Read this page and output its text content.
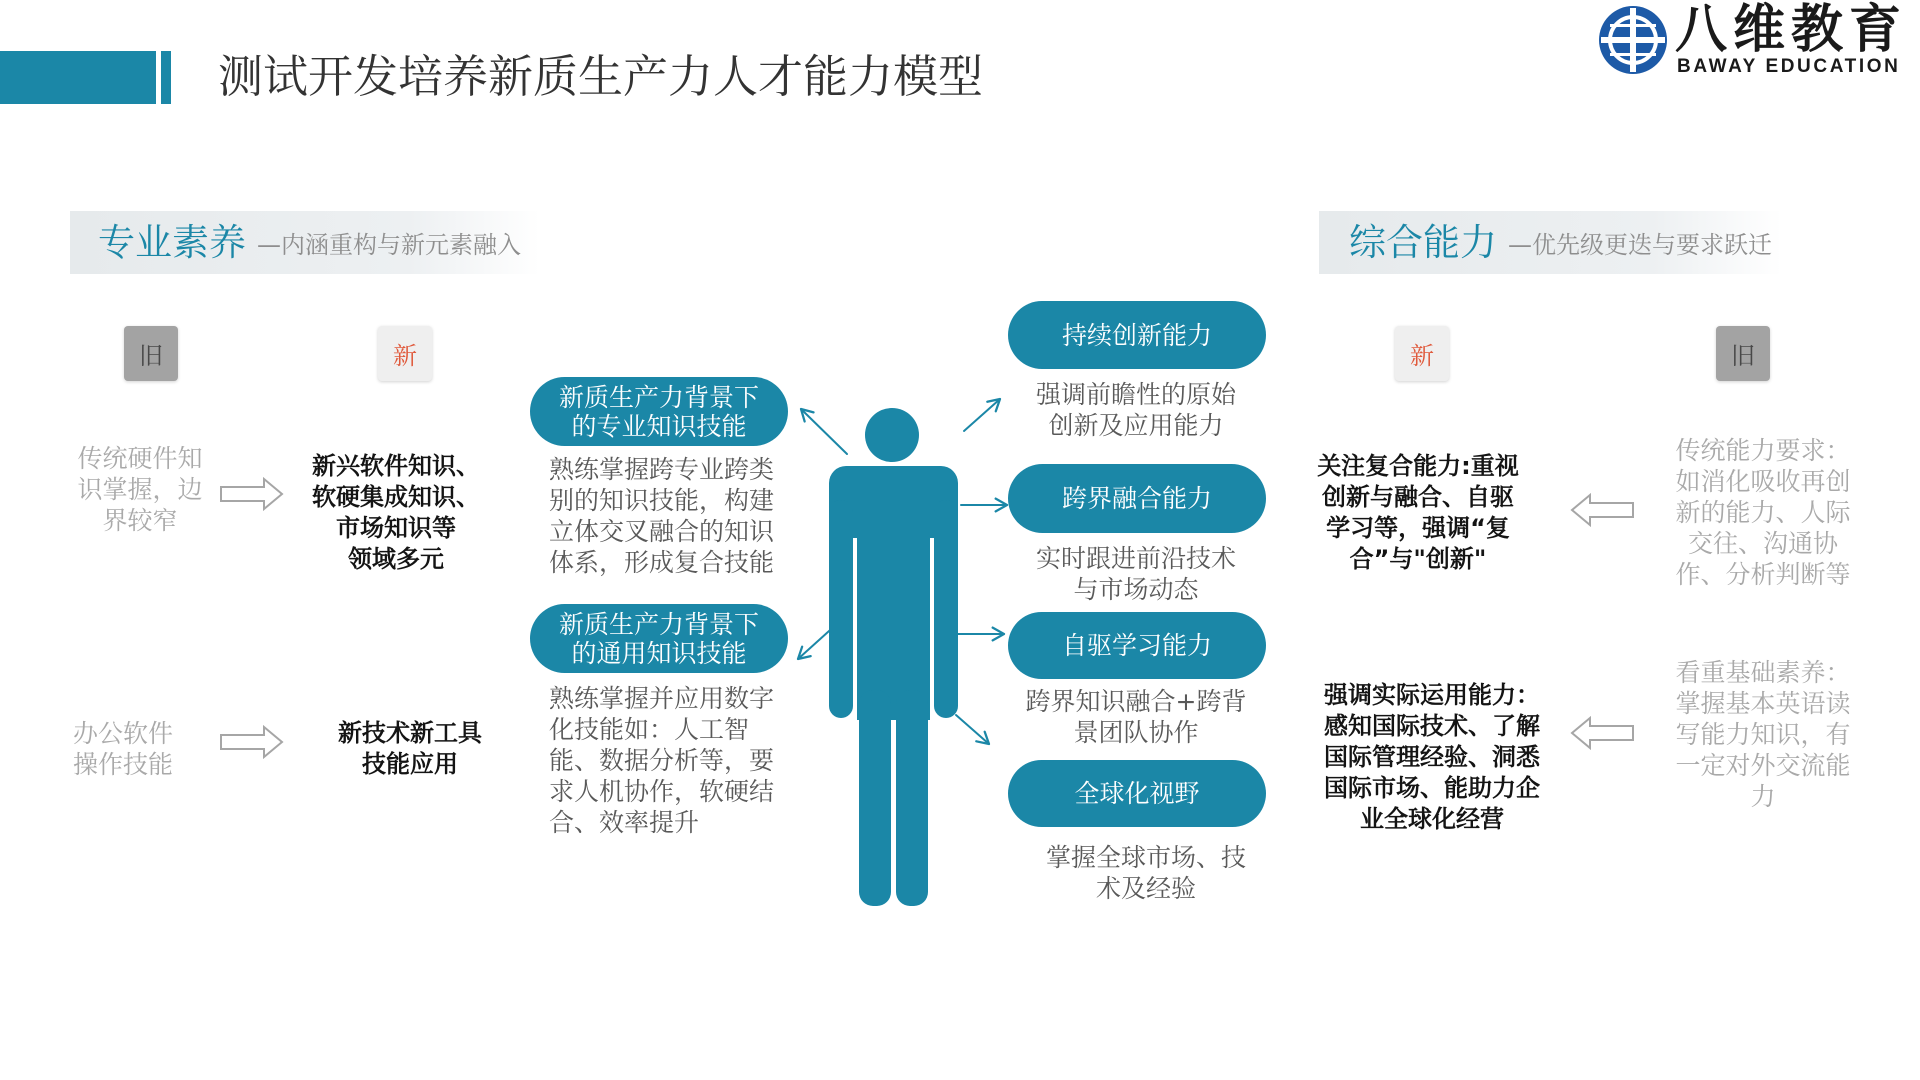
测试开发培养新质生产力人才能力模型
八维教育
BAWAY EDUCATION
专业素养 —内涵重构与新元素融入	综合能力 —优先级更迭与要求跃迁
旧	新	新	旧
传统硬件知
识掌握，边
界较窄
新兴软件知识、
软硬集成知识、
市场知识等
领域多元
办公软件
操作技能
新技术新工具
技能应用
新质生产力背景下
的专业知识技能
熟练掌握跨专业跨类
别的知识技能，构建
立体交叉融合的知识
体系，形成复合技能
新质生产力背景下
的通用知识技能
熟练掌握并应用数字
化技能如：人工智
能、数据分析等，要
求人机协作，软硬结
合、效率提升
持续创新能力
强调前瞻性的原始
创新及应用能力
跨界融合能力
实时跟进前沿技术
与市场动态
自驱学习能力
跨界知识融合+跨背
景团队协作
全球化视野
掌握全球市场、技
术及经验
关注复合能力:重视
创新与融合、自驱
学习等，强调“复
合”与"创新"
传统能力要求：
如消化吸收再创
新的能力、人际
交往、沟通协
作、分析判断等
强调实际运用能力：
感知国际技术、了解
国际管理经验、洞悉
国际市场、能助力企
业全球化经营
看重基础素养：
掌握基本英语读
写能力知识，有
一定对外交流能
力
